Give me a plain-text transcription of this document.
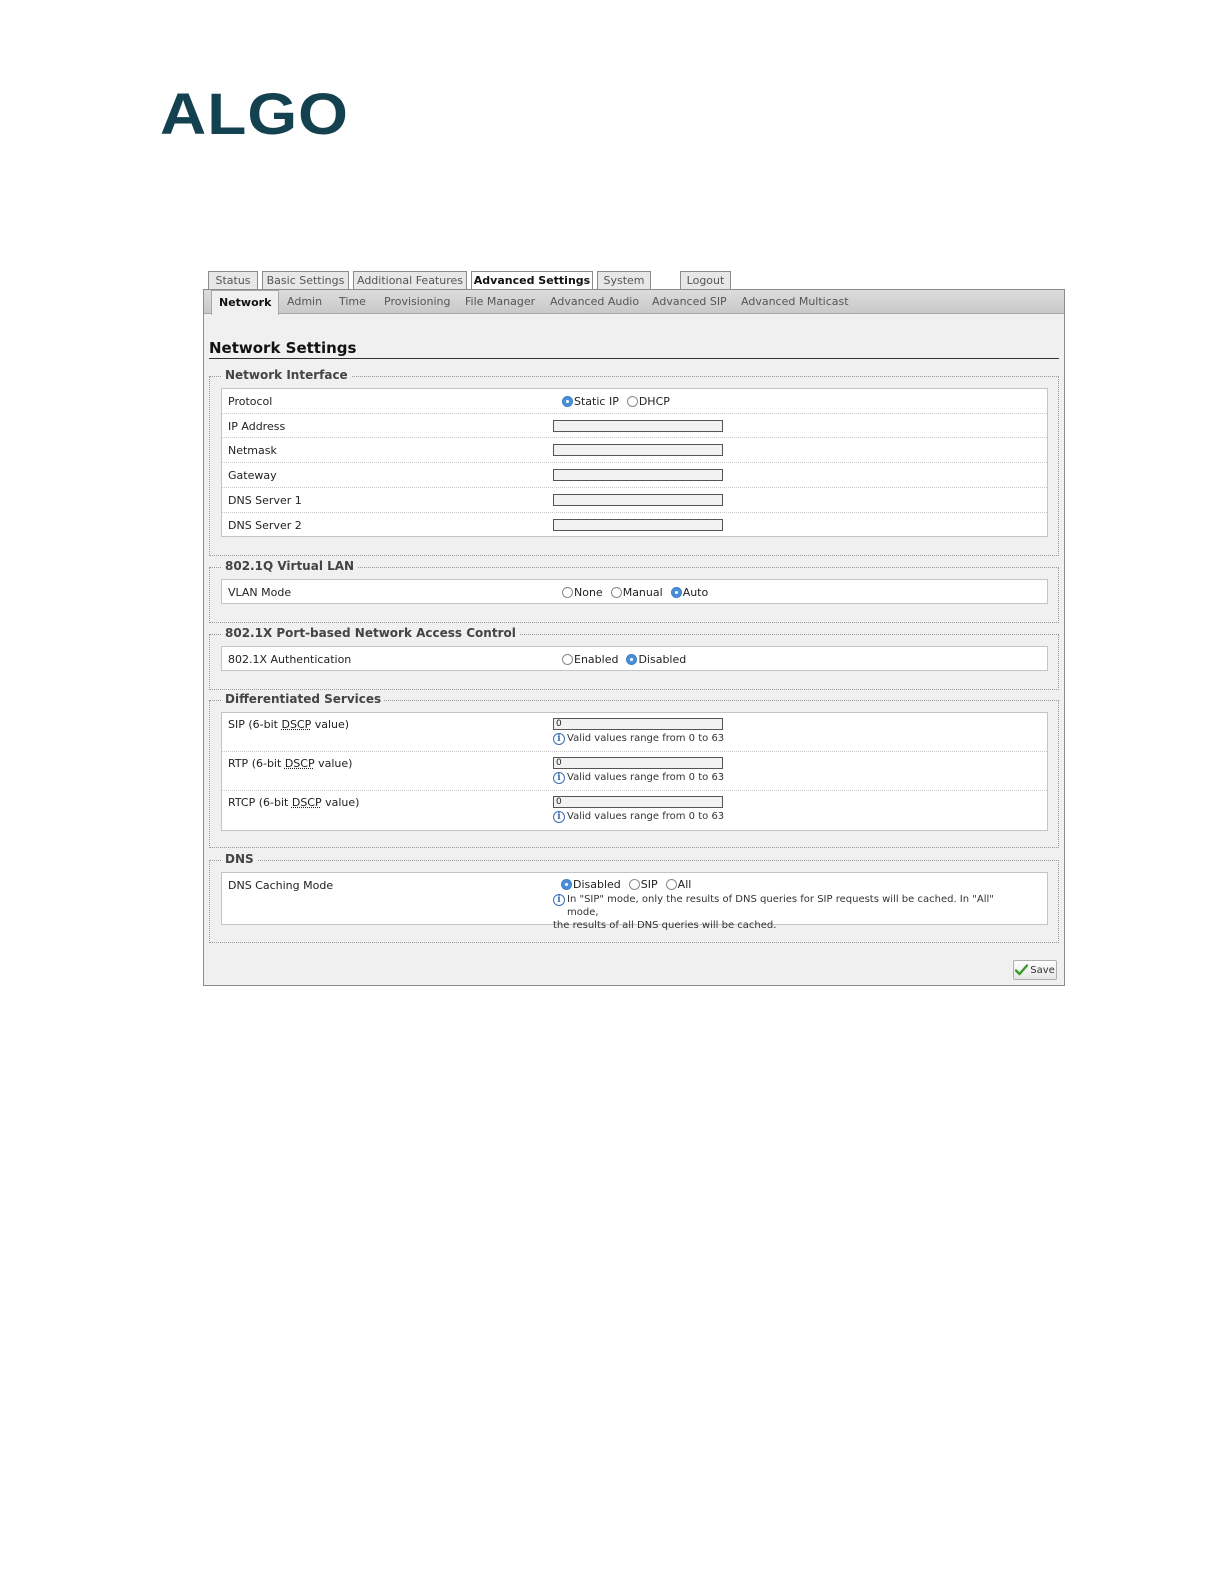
ALGO
Status	Basic Settings	Additional Features Advanced Settings	System	Logout
Network	Admin Time Provisioning File Manager Advanced Audio Advanced SIP Advanced Multicast
Network Settings
Network Interface
Protocol	Static IP DHCP
IP Address
Netmask
Gateway
DNS Server 1
DNS Server 2
802.1Q Virtual LAN
VLAN Mode	None Manual Auto
802.1X Port-based Network Access Control
802.1X Authentication	Enabled Disabled
Differentiated Services
SIP (6-bit DSCP value)	0
i Valid values range from 0 to 63
RTP (6-bit DSCP value)	0
i Valid values range from 0 to 63
RTCP (6-bit DSCP value)	0
i Valid values range from 0 to 63
DNS
DNS Caching Mode	Disabled SIP All
i In "SIP" mode, only the results of DNS queries for SIP requests will be cached. In "All" mode,
the results of all DNS queries will be cached.
Save
